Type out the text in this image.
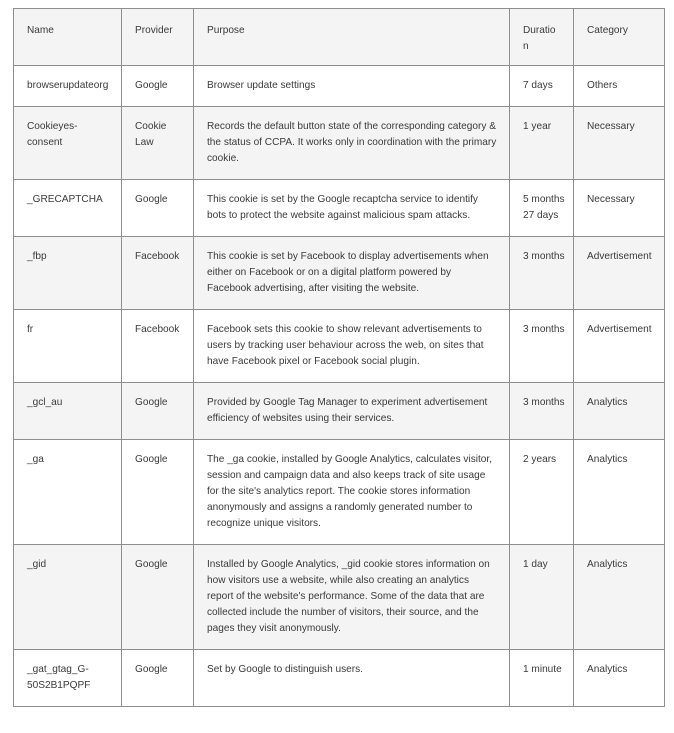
Name	Provider	Purpose	Duration	Category
browserupdateorg	Google	Browser update settings	7 days	Others
Cookieyes-consent	Cookie Law	Records the default button state of the corresponding category & the status of CCPA. It works only in coordination with the primary cookie.	1 year	Necessary
_GRECAPTCHA	Google	This cookie is set by the Google recaptcha service to identify bots to protect the website against malicious spam attacks.	5 months 27 days	Necessary
_fbp	Facebook	This cookie is set by Facebook to display advertisements when either on Facebook or on a digital platform powered by Facebook advertising, after visiting the website.	3 months	Advertisement
fr	Facebook	Facebook sets this cookie to show relevant advertisements to users by tracking user behaviour across the web, on sites that have Facebook pixel or Facebook social plugin.	3 months	Advertisement
_gcl_au	Google	Provided by Google Tag Manager to experiment advertisement efficiency of websites using their services.	3 months	Analytics
_ga	Google	The _ga cookie, installed by Google Analytics, calculates visitor, session and campaign data and also keeps track of site usage for the site's analytics report. The cookie stores information anonymously and assigns a randomly generated number to recognize unique visitors.	2 years	Analytics
_gid	Google	Installed by Google Analytics, _gid cookie stores information on how visitors use a website, while also creating an analytics report of the website's performance. Some of the data that are collected include the number of visitors, their source, and the pages they visit anonymously.	1 day	Analytics
_gat_gtag_G-50S2B1PQPF	Google	Set by Google to distinguish users.	1 minute	Analytics
